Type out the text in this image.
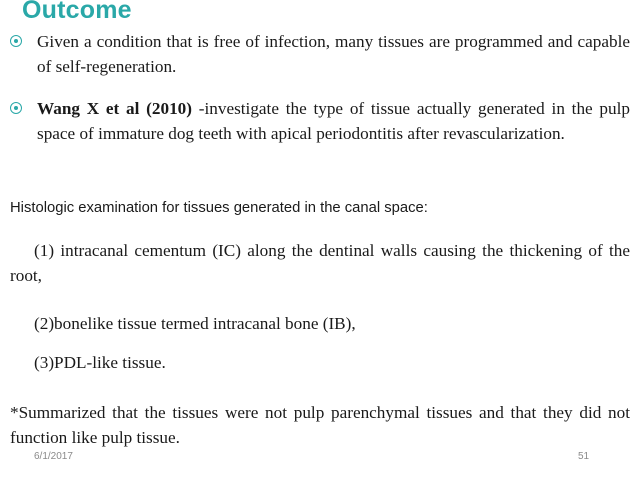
Outcome
Given a condition that is free of infection, many tissues are programmed and capable of self-regeneration.
Wang X et al (2010) -investigate the type of tissue actually generated in the pulp space of immature dog teeth with apical periodontitis after revascularization.
Histologic examination for tissues generated in the canal space:
(1) intracanal cementum (IC) along the dentinal walls causing the thickening of the root,
(2)bonelike tissue termed intracanal bone (IB),
(3)PDL-like tissue.
*Summarized that the tissues were not pulp parenchymal tissues and that they did not function like pulp tissue.
6/1/2017	51
